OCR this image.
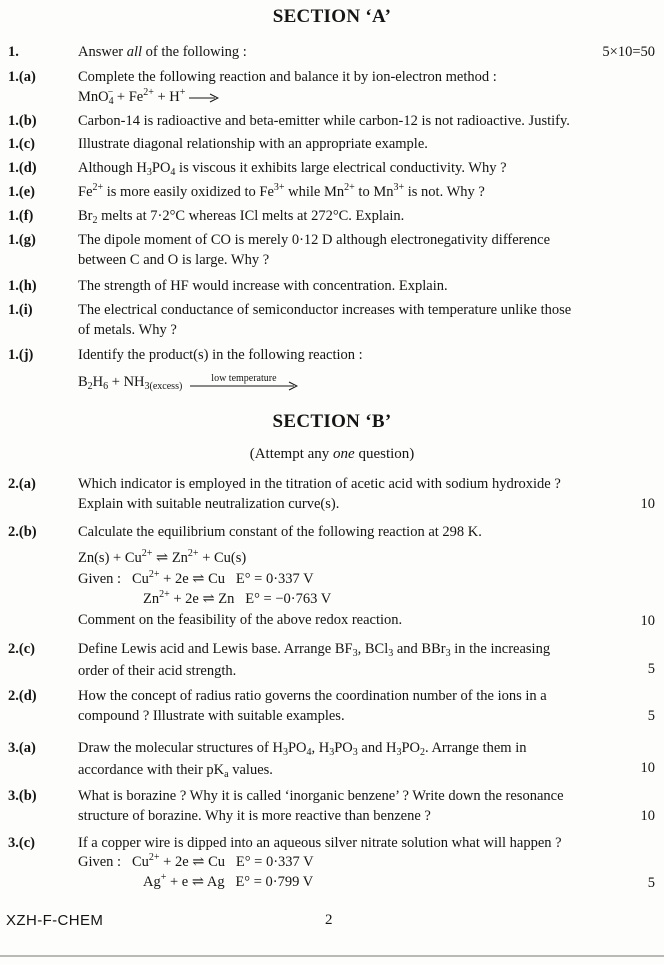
SECTION ‘A’
1.	Answer all of the following :	5×10=50
1.(a)	Complete the following reaction and balance it by ion-electron method :
$MnO_4^- + Fe^{2+} + H^+$ →
1.(b)	Carbon-14 is radioactive and beta-emitter while carbon-12 is not radioactive. Justify.
1.(c)	Illustrate diagonal relationship with an appropriate example.
1.(d)	Although $H_3PO_4$ is viscous it exhibits large electrical conductivity. Why ?
1.(e)	$Fe^{2+}$ is more easily oxidized to $Fe^{3+}$ while $Mn^{2+}$ to $Mn^{3+}$ is not. Why ?
1.(f)	$Br_2$ melts at 7·2°C whereas ICl melts at 272°C. Explain.
1.(g)	The dipole moment of CO is merely 0·12 D although electronegativity difference
between C and O is large. Why ?
1.(h)	The strength of HF would increase with concentration. Explain.
1.(i)	The electrical conductance of semiconductor increases with temperature unlike those
of metals. Why ?
1.(j)	Identify the product(s) in the following reaction :
$B_2H_6 + NH_{3(excess)}$
low temperature
SECTION ‘B’
(Attempt any one question)
2.(a)	Which indicator is employed in the titration of acetic acid with sodium hydroxide ?
Explain with suitable neutralization curve(s).	10
2.(b)	Calculate the equilibrium constant of the following reaction at 298 K.
$Zn(s) + Cu^{2+}$ ⇌ $Zn^{2+} + Cu(s)$
Given :   $Cu^{2+} + 2e$ ⇌ Cu   E° = 0·337 V
$Zn^{2+} + 2e$ ⇌ Zn   E° = −0·763 V
Comment on the feasibility of the above redox reaction.	10
2.(c)	Define Lewis acid and Lewis base. Arrange $BF_3$, BCl$_3$ and BBr$_3$ in the increasing
order of their acid strength.	5
2.(d)	How the concept of radius ratio governs the coordination number of the ions in a
compound ? Illustrate with suitable examples.	5
3.(a)	Draw the molecular structures of $H_3PO_4$, $H_3PO_3$ and $H_3PO_2$. Arrange them in
accordance with their $pK_a$ values.	10
3.(b)	What is borazine ? Why it is called ‘inorganic benzene’ ? Write down the resonance
structure of borazine. Why it is more reactive than benzene ?	10
3.(c)	If a copper wire is dipped into an aqueous silver nitrate solution what will happen ?
Given :   $Cu^{2+} + 2e$ ⇌ Cu   E° = 0·337 V
Ag+ + e ⇌ Ag   E° = 0·799 V	5
XZH-F-CHEM	2
